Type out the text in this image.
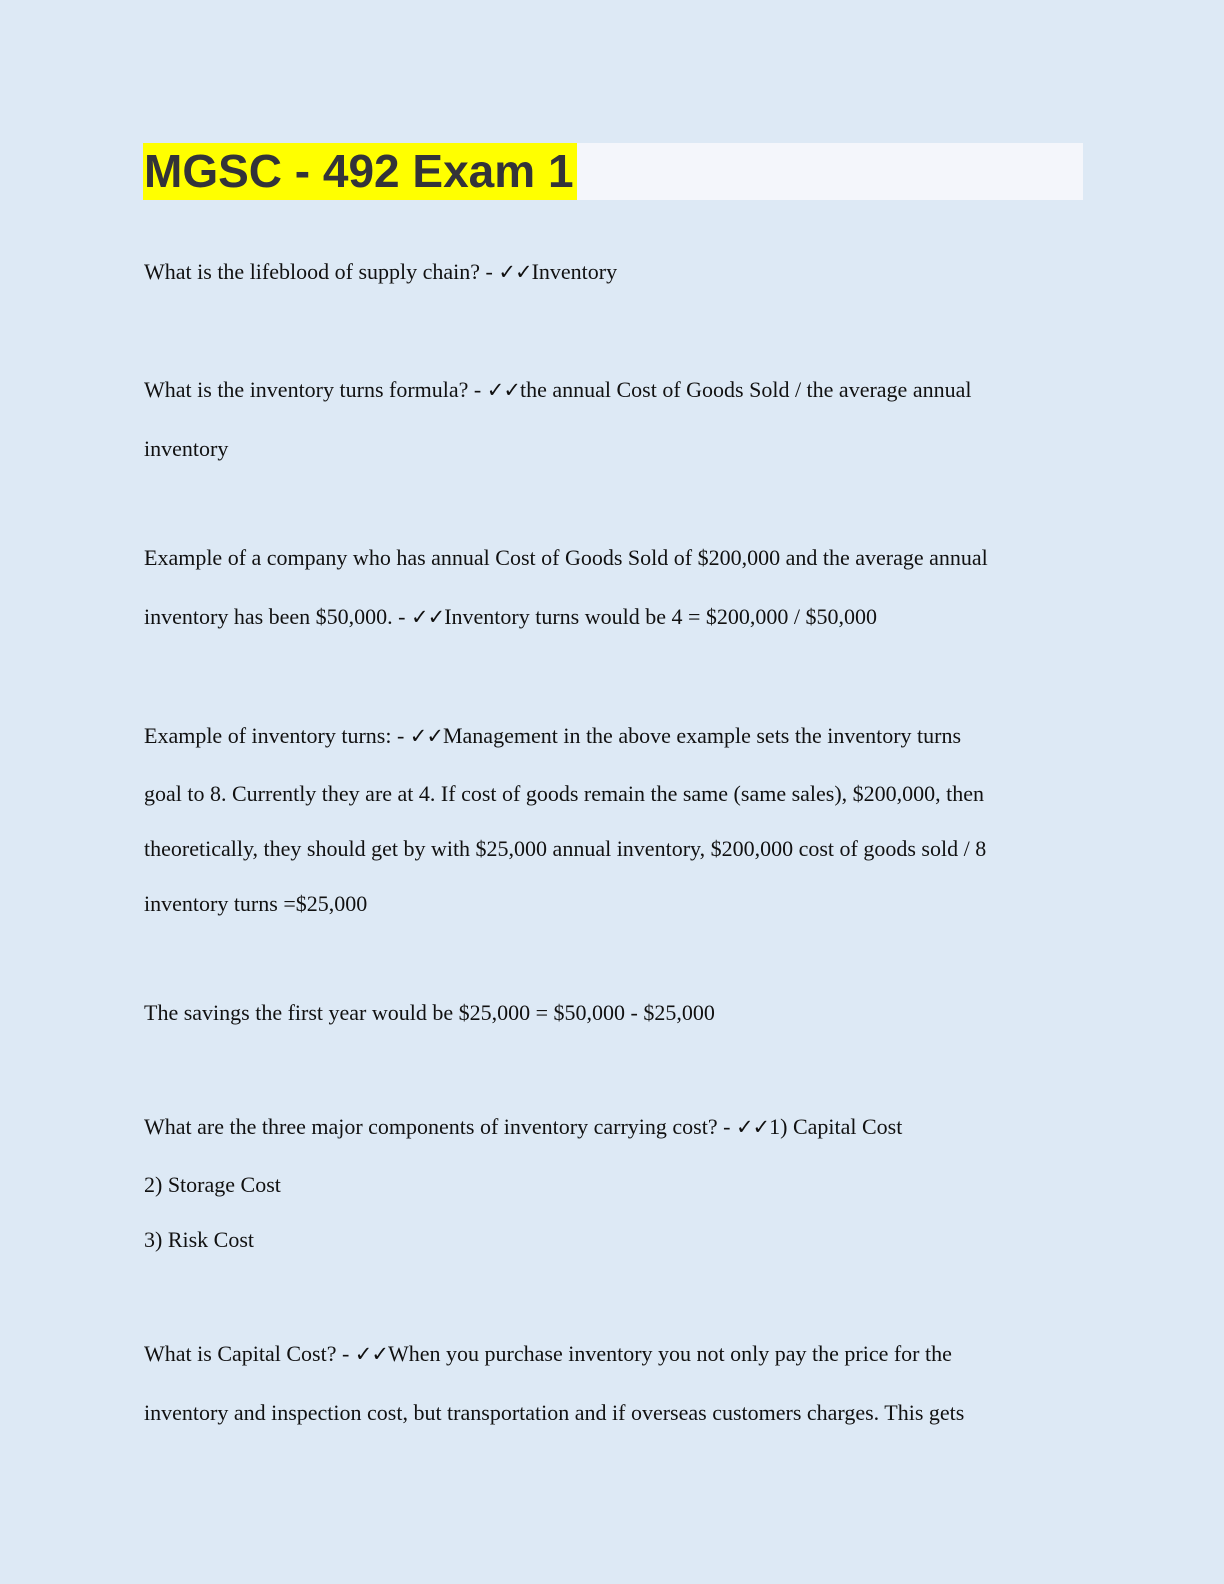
MGSC - 492 Exam 1

What is the lifeblood of supply chain? - ✓✓Inventory

What is the inventory turns formula? - ✓✓the annual Cost of Goods Sold / the average annual

inventory

Example of a company who has annual Cost of Goods Sold of $200,000 and the average annual

inventory has been $50,000. - ✓✓Inventory turns would be 4 = $200,000 / $50,000

Example of inventory turns: - ✓✓Management in the above example sets the inventory turns

goal to 8. Currently they are at 4. If cost of goods remain the same (same sales), $200,000, then

theoretically, they should get by with $25,000 annual inventory, $200,000 cost of goods sold / 8

inventory turns =$25,000

The savings the first year would be $25,000 = $50,000 - $25,000

What are the three major components of inventory carrying cost? - ✓✓1) Capital Cost

2) Storage Cost

3) Risk Cost

What is Capital Cost? - ✓✓When you purchase inventory you not only pay the price for the

inventory and inspection cost, but transportation and if overseas customers charges. This gets
